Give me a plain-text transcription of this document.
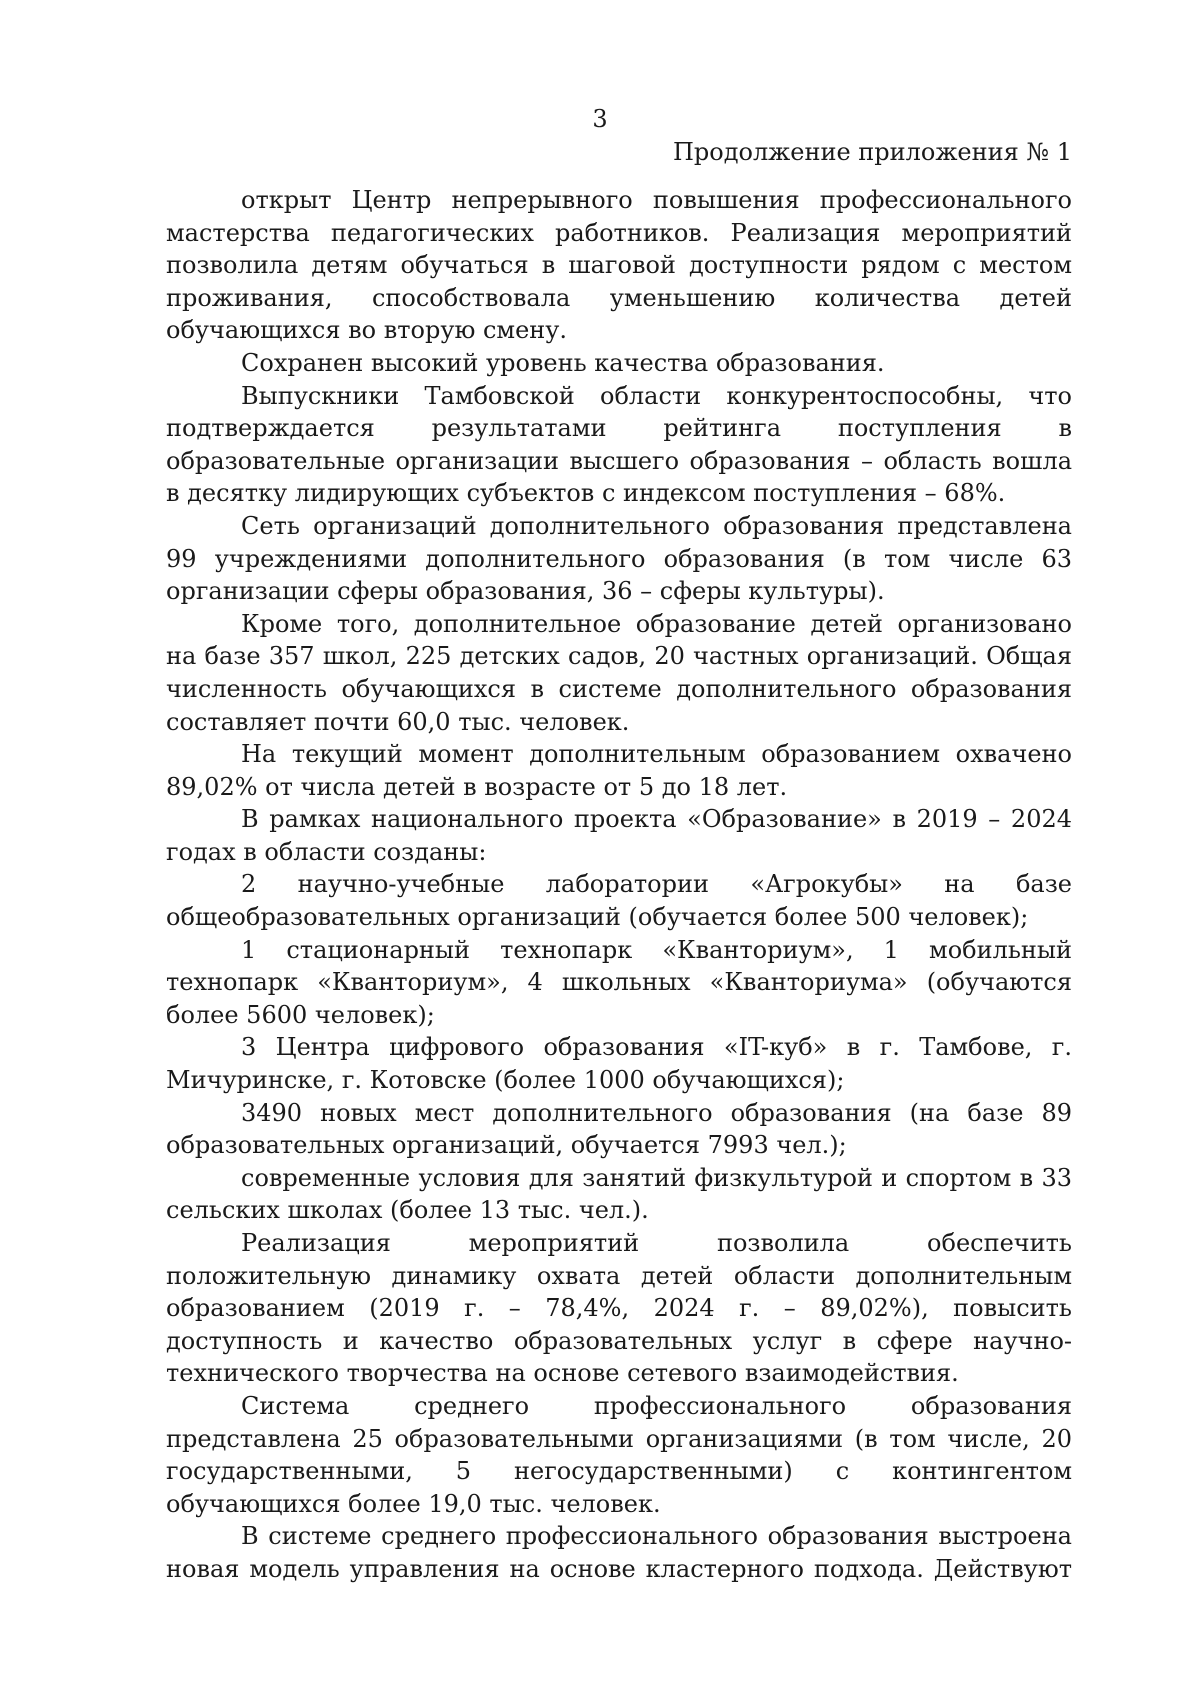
3
Продолжение приложения № 1

открыт Центр непрерывного повышения профессионального мастерства педагогических работников. Реализация мероприятий позволила детям обучаться в шаговой доступности рядом с местом проживания, способствовала уменьшению количества детей обучающихся во вторую смену.

Сохранен высокий уровень качества образования.

Выпускники Тамбовской области конкурентоспособны, что подтверждается результатами рейтинга поступления в образовательные организации высшего образования – область вошла в десятку лидирующих субъектов с индексом поступления – 68%.

Сеть организаций дополнительного образования представлена 99 учреждениями дополнительного образования (в том числе 63 организации сферы образования, 36 – сферы культуры).

Кроме того, дополнительное образование детей организовано на базе 357 школ, 225 детских садов, 20 частных организаций. Общая численность обучающихся в системе дополнительного образования составляет почти 60,0 тыс. человек.

На текущий момент дополнительным образованием охвачено 89,02% от числа детей в возрасте от 5 до 18 лет.

В рамках национального проекта «Образование» в 2019 – 2024 годах в области созданы:

2 научно-учебные лаборатории «Агрокубы» на базе общеобразовательных организаций (обучается более 500 человек);

1 стационарный технопарк «Кванториум», 1 мобильный технопарк «Кванториум», 4 школьных «Кванториума» (обучаются более 5600 человек);

3 Центра цифрового образования «IT-куб» в г. Тамбове, г. Мичуринске, г. Котовске (более 1000 обучающихся);

3490 новых мест дополнительного образования (на базе 89 образовательных организаций, обучается 7993 чел.);

современные условия для занятий физкультурой и спортом в 33 сельских школах (более 13 тыс. чел.).

Реализация мероприятий позволила обеспечить положительную динамику охвата детей области дополнительным образованием (2019 г. – 78,4%, 2024 г. – 89,02%), повысить доступность и качество образовательных услуг в сфере научно-технического творчества на основе сетевого взаимодействия.

Система среднего профессионального образования представлена 25 образовательными организациями (в том числе, 20 государственными, 5 негосударственными) с контингентом обучающихся более 19,0 тыс. человек.

В системе среднего профессионального образования выстроена новая модель управления на основе кластерного подхода. Действуют
